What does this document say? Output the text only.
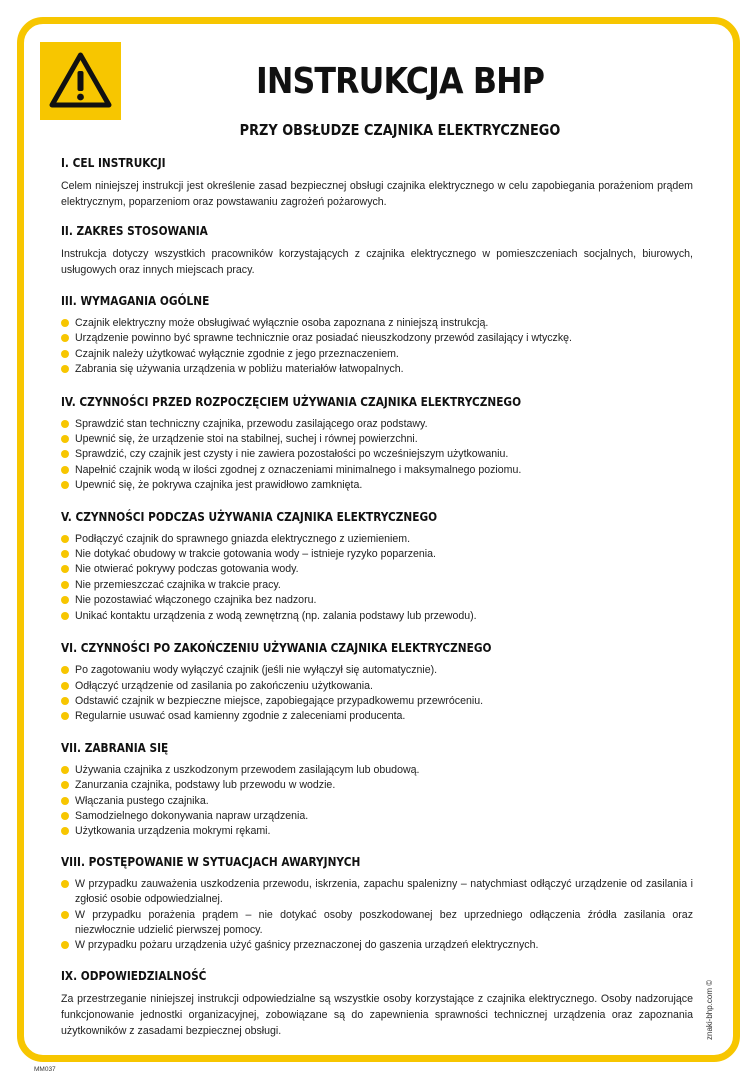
INSTRUKCJA BHP
PRZY OBSŁUDZE CZAJNIKA ELEKTRYCZNEGO
I. CEL INSTRUKCJI

Celem niniejszej instrukcji jest określenie zasad bezpiecznej obsługi czajnika elektrycznego w celu zapobiegania porażeniom prądem elektrycznym, poparzeniom oraz powstawaniu zagrożeń pożarowych.

II. ZAKRES STOSOWANIA

Instrukcja dotyczy wszystkich pracowników korzystających z czajnika elektrycznego w pomieszczeniach socjalnych, biurowych, usługowych oraz innych miejscach pracy.

III. WYMAGANIA OGÓLNE
Czajnik elektryczny może obsługiwać wyłącznie osoba zapoznana z niniejszą instrukcją.
Urządzenie powinno być sprawne technicznie oraz posiadać nieuszkodzony przewód zasilający i wtyczkę.
Czajnik należy użytkować wyłącznie zgodnie z jego przeznaczeniem.
Zabrania się używania urządzenia w pobliżu materiałów łatwopalnych.
IV. CZYNNOŚCI PRZED ROZPOCZĘCIEM UŻYWANIA CZAJNIKA ELEKTRYCZNEGO
Sprawdzić stan techniczny czajnika, przewodu zasilającego oraz podstawy.
Upewnić się, że urządzenie stoi na stabilnej, suchej i równej powierzchni.
Sprawdzić, czy czajnik jest czysty i nie zawiera pozostałości po wcześniejszym użytkowaniu.
Napełnić czajnik wodą w ilości zgodnej z oznaczeniami minimalnego i maksymalnego poziomu.
Upewnić się, że pokrywa czajnika jest prawidłowo zamknięta.
V. CZYNNOŚCI PODCZAS UŻYWANIA CZAJNIKA ELEKTRYCZNEGO
Podłączyć czajnik do sprawnego gniazda elektrycznego z uziemieniem.
Nie dotykać obudowy w trakcie gotowania wody – istnieje ryzyko poparzenia.
Nie otwierać pokrywy podczas gotowania wody.
Nie przemieszczać czajnika w trakcie pracy.
Nie pozostawiać włączonego czajnika bez nadzoru.
Unikać kontaktu urządzenia z wodą zewnętrzną (np. zalania podstawy lub przewodu).
VI. CZYNNOŚCI PO ZAKOŃCZENIU UŻYWANIA CZAJNIKA ELEKTRYCZNEGO
Po zagotowaniu wody wyłączyć czajnik (jeśli nie wyłączył się automatycznie).
Odłączyć urządzenie od zasilania po zakończeniu użytkowania.
Odstawić czajnik w bezpieczne miejsce, zapobiegające przypadkowemu przewróceniu.
Regularnie usuwać osad kamienny zgodnie z zaleceniami producenta.
VII. ZABRANIA SIĘ
Używania czajnika z uszkodzonym przewodem zasilającym lub obudową.
Zanurzania czajnika, podstawy lub przewodu w wodzie.
Włączania pustego czajnika.
Samodzielnego dokonywania napraw urządzenia.
Użytkowania urządzenia mokrymi rękami.
VIII. POSTĘPOWANIE W SYTUACJACH AWARYJNYCH
W przypadku zauważenia uszkodzenia przewodu, iskrzenia, zapachu spalenizny – natychmiast odłączyć urządzenie od zasilania i zgłosić osobie odpowiedzialnej.
W przypadku porażenia prądem – nie dotykać osoby poszkodowanej bez uprzedniego odłączenia źródła zasilania oraz niezwłocznie udzielić pierwszej pomocy.
W przypadku pożaru urządzenia użyć gaśnicy przeznaczonej do gaszenia urządzeń elektrycznych.
IX. ODPOWIEDZIALNOŚĆ

Za przestrzeganie niniejszej instrukcji odpowiedzialne są wszystkie osoby korzystające z czajnika elektrycznego. Osoby nadzorujące funkcjonowanie jednostki organizacyjnej, zobowiązane są do zapewnienia sprawności technicznej urządzenia oraz zapoznania użytkowników z zasadami bezpiecznej obsługi.	znaki-bhp.com ©
MM037
